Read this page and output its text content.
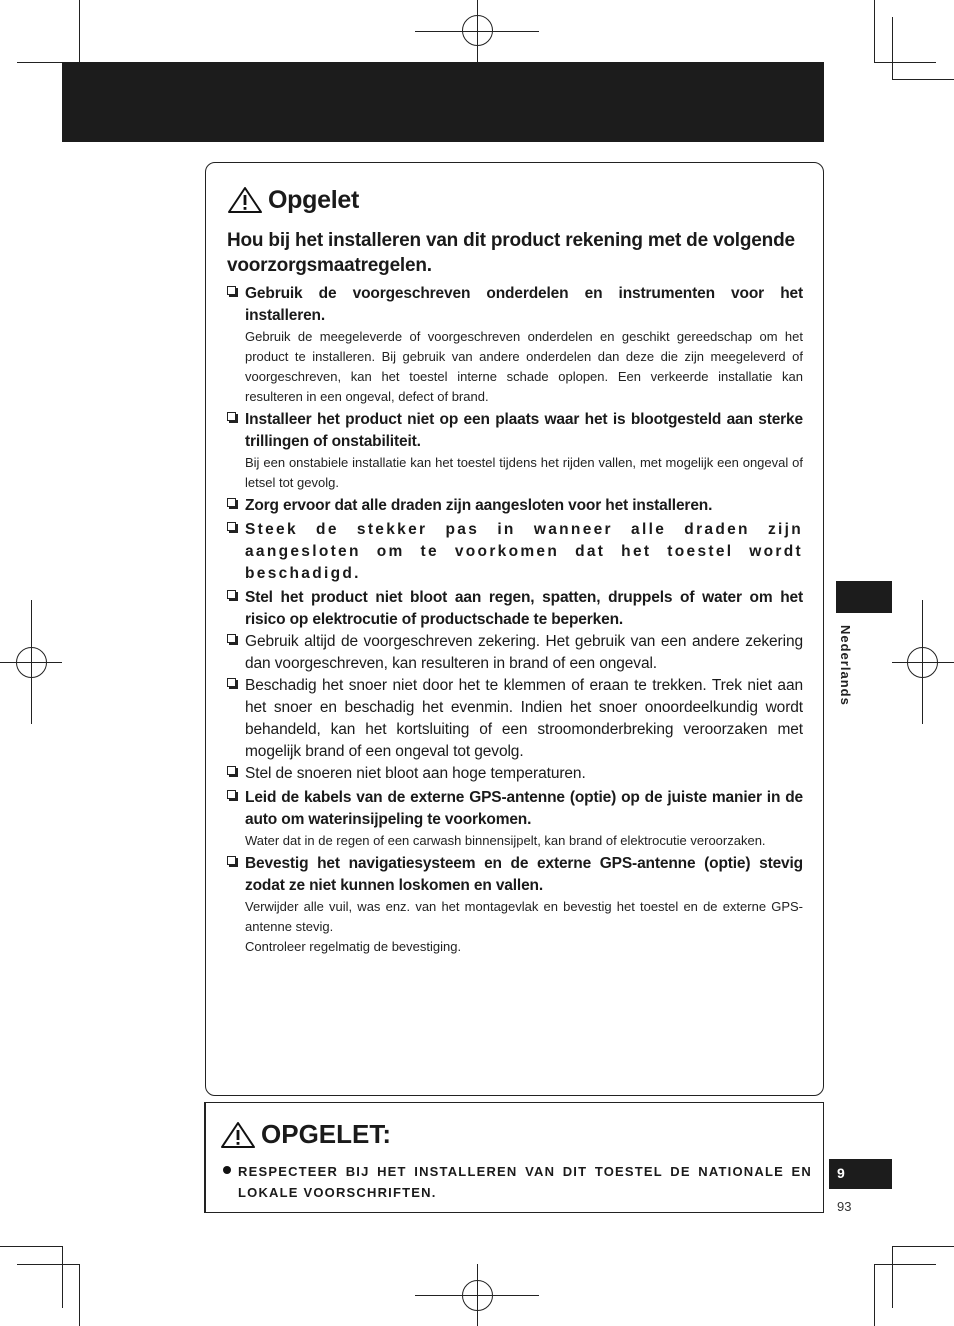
Opgelet
Hou bij het installeren van dit product rekening met de volgende voorzorgsmaatregelen.
Gebruik de voorgeschreven onderdelen en instrumenten voor het installeren.
Gebruik de meegeleverde of voorgeschreven onderdelen en geschikt gereedschap om het product te installeren. Bij gebruik van andere onderdelen dan deze die zijn meegeleverd of voorgeschreven, kan het toestel interne schade oplopen. Een verkeerde installatie kan resulteren in een ongeval, defect of brand.
Installeer het product niet op een plaats waar het is blootgesteld aan sterke trillingen of onstabiliteit.
Bij een onstabiele installatie kan het toestel tijdens het rijden vallen, met mogelijk een ongeval of letsel tot gevolg.
Zorg ervoor dat alle draden zijn aangesloten voor het installeren.
Steek de stekker pas in wanneer alle draden zijn aangesloten om te voorkomen dat het toestel wordt beschadigd.
Stel het product niet bloot aan regen, spatten, druppels of water om het risico op elektrocutie of productschade te beperken.
Gebruik altijd de voorgeschreven zekering. Het gebruik van een andere zekering dan voorgeschreven, kan resulteren in brand of een ongeval.
Beschadig het snoer niet door het te klemmen of eraan te trekken. Trek niet aan het snoer en beschadig het evenmin. Indien het snoer onoordeelkundig wordt behandeld, kan het kortsluiting of een stroomonderbreking veroorzaken met mogelijk brand of een ongeval tot gevolg.
Stel de snoeren niet bloot aan hoge temperaturen.
Leid de kabels van de externe GPS-antenne (optie) op de juiste manier in de auto om waterinsijpeling te voorkomen.
Water dat in de regen of een carwash binnensijpelt, kan brand of elektrocutie veroorzaken.
Bevestig het navigatiesysteem en de externe GPS-antenne (optie) stevig zodat ze niet kunnen loskomen en vallen.
Verwijder alle vuil, was enz. van het montagevlak en bevestig het toestel en de externe GPS-antenne stevig.
Controleer regelmatig de bevestiging.
OPGELET:
RESPECTEER BIJ HET INSTALLEREN VAN DIT TOESTEL DE NATIONALE EN LOKALE VOORSCHRIFTEN.
Nederlands
9
93
